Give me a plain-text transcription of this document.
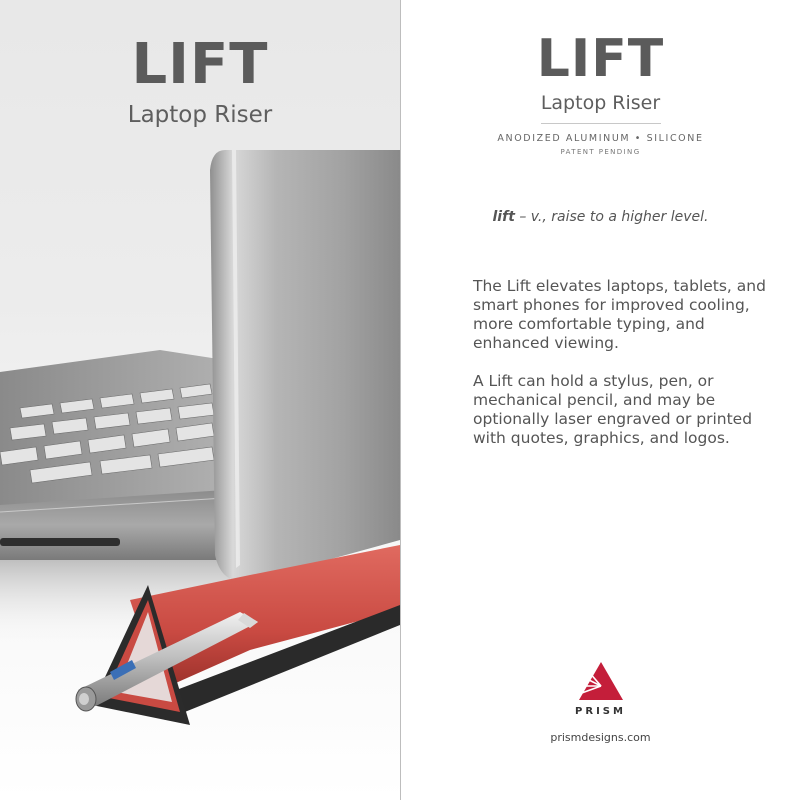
LIFT
Laptop Riser
LIFT
Laptop Riser
ANODIZED ALUMINUM • SILICONE
PATENT PENDING
lift – v., raise to a higher level.

The Lift elevates laptops, tablets, and smart phones for improved cooling, more comfortable typing, and enhanced viewing.

A Lift can hold a stylus, pen, or mechanical pencil, and may be optionally laser engraved or printed with quotes, graphics, and logos.

PRISM
prismdesigns.com
